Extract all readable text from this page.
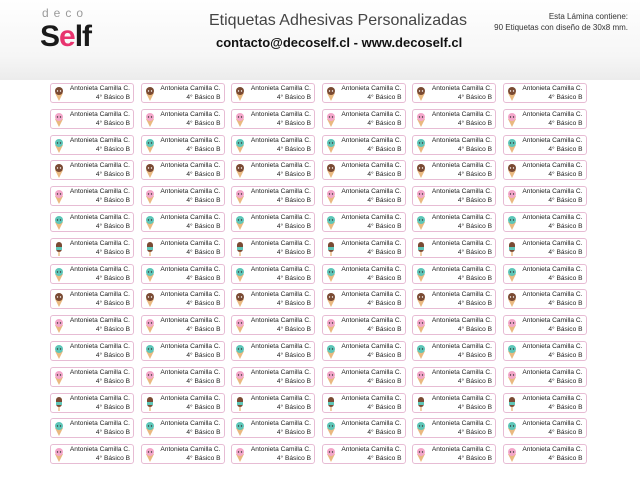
deco
Self	Etiquetas Adhesivas Personalizadas
contacto@decoself.cl - www.decoself.cl
Esta Lámina contiene:
90 Etiquetas con diseño de 30x8 mm.
Antonieta Camilla C.
4° Básico B
Antonieta Camilla C.
4° Básico B
Antonieta Camilla C.
4° Básico B
Antonieta Camilla C.
4° Básico B
Antonieta Camilla C.
4° Básico B
Antonieta Camilla C.
4° Básico B
Antonieta Camilla C.
4° Básico B
Antonieta Camilla C.
4° Básico B
Antonieta Camilla C.
4° Básico B
Antonieta Camilla C.
4° Básico B
Antonieta Camilla C.
4° Básico B
Antonieta Camilla C.
4° Básico B
Antonieta Camilla C.
4° Básico B
Antonieta Camilla C.
4° Básico B
Antonieta Camilla C.
4° Básico B
Antonieta Camilla C.
4° Básico B
Antonieta Camilla C.
4° Básico B
Antonieta Camilla C.
4° Básico B
Antonieta Camilla C.
4° Básico B
Antonieta Camilla C.
4° Básico B
Antonieta Camilla C.
4° Básico B
Antonieta Camilla C.
4° Básico B
Antonieta Camilla C.
4° Básico B
Antonieta Camilla C.
4° Básico B
Antonieta Camilla C.
4° Básico B
Antonieta Camilla C.
4° Básico B
Antonieta Camilla C.
4° Básico B
Antonieta Camilla C.
4° Básico B
Antonieta Camilla C.
4° Básico B
Antonieta Camilla C.
4° Básico B
Antonieta Camilla C.
4° Básico B
Antonieta Camilla C.
4° Básico B
Antonieta Camilla C.
4° Básico B
Antonieta Camilla C.
4° Básico B
Antonieta Camilla C.
4° Básico B
Antonieta Camilla C.
4° Básico B
Antonieta Camilla C.
4° Básico B
Antonieta Camilla C.
4° Básico B
Antonieta Camilla C.
4° Básico B
Antonieta Camilla C.
4° Básico B
Antonieta Camilla C.
4° Básico B
Antonieta Camilla C.
4° Básico B
Antonieta Camilla C.
4° Básico B
Antonieta Camilla C.
4° Básico B
Antonieta Camilla C.
4° Básico B
Antonieta Camilla C.
4° Básico B
Antonieta Camilla C.
4° Básico B
Antonieta Camilla C.
4° Básico B
Antonieta Camilla C.
4° Básico B
Antonieta Camilla C.
4° Básico B
Antonieta Camilla C.
4° Básico B
Antonieta Camilla C.
4° Básico B
Antonieta Camilla C.
4° Básico B
Antonieta Camilla C.
4° Básico B
Antonieta Camilla C.
4° Básico B
Antonieta Camilla C.
4° Básico B
Antonieta Camilla C.
4° Básico B
Antonieta Camilla C.
4° Básico B
Antonieta Camilla C.
4° Básico B
Antonieta Camilla C.
4° Básico B
Antonieta Camilla C.
4° Básico B
Antonieta Camilla C.
4° Básico B
Antonieta Camilla C.
4° Básico B
Antonieta Camilla C.
4° Básico B
Antonieta Camilla C.
4° Básico B
Antonieta Camilla C.
4° Básico B
Antonieta Camilla C.
4° Básico B
Antonieta Camilla C.
4° Básico B
Antonieta Camilla C.
4° Básico B
Antonieta Camilla C.
4° Básico B
Antonieta Camilla C.
4° Básico B
Antonieta Camilla C.
4° Básico B
Antonieta Camilla C.
4° Básico B
Antonieta Camilla C.
4° Básico B
Antonieta Camilla C.
4° Básico B
Antonieta Camilla C.
4° Básico B
Antonieta Camilla C.
4° Básico B
Antonieta Camilla C.
4° Básico B
Antonieta Camilla C.
4° Básico B
Antonieta Camilla C.
4° Básico B
Antonieta Camilla C.
4° Básico B
Antonieta Camilla C.
4° Básico B
Antonieta Camilla C.
4° Básico B
Antonieta Camilla C.
4° Básico B
Antonieta Camilla C.
4° Básico B
Antonieta Camilla C.
4° Básico B
Antonieta Camilla C.
4° Básico B
Antonieta Camilla C.
4° Básico B
Antonieta Camilla C.
4° Básico B
Antonieta Camilla C.
4° Básico B
